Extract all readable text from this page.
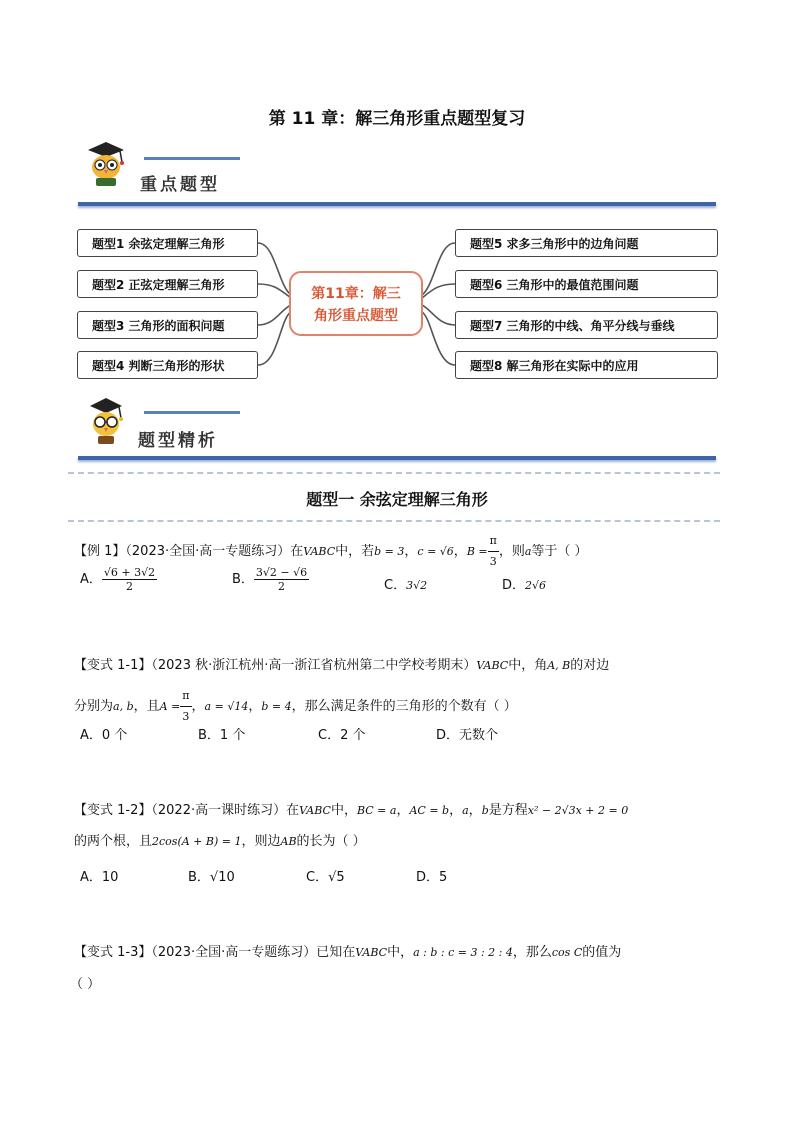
第 11 章：解三角形重点题型复习
重点题型
题型1 余弦定理解三角形
题型2 正弦定理解三角形
题型3 三角形的面积问题
题型4 判断三角形的形状
第11章：解三
角形重点题型
题型5 求多三角形中的边角问题
题型6 三角形中的最值范围问题
题型7 三角形的中线、角平分线与垂线
题型8 解三角形在实际中的应用
题型精析
题型一 余弦定理解三角形
【例 1】（2023·全国·高一专题练习）在VABC中，若b = 3，c = √6，$B = \frac{\pi}{3}$ ，则a等于（ ）
A． $\frac{√6 + 3√2}{2}$	B． $\frac{3√2 - √6}{2}$	C．3√2	D．2√6
【变式 1-1】（2023 秋·浙江杭州·高一浙江省杭州第二中学校考期末）VABC中，角A, B的对边
分别为a, b，且$A = \frac{\pi}{3}$ ，a = √14，b = 4，那么满足条件的三角形的个数有（ ）
A．0 个	B．1 个	C．2 个	D．无数个
【变式 1-2】（2022·高一课时练习）在VABC中，BC = a，AC = b，a，b是方程x² − 2√3x + 2 = 0
的两个根，且2cos(A + B) = 1，则边AB的长为（ ）
A．10	B．√10	C．√5	D．5
【变式 1-3】（2023·全国·高一专题练习）已知在VABC中，a : b : c = 3 : 2 : 4，那么cos C的值为
（ ）
